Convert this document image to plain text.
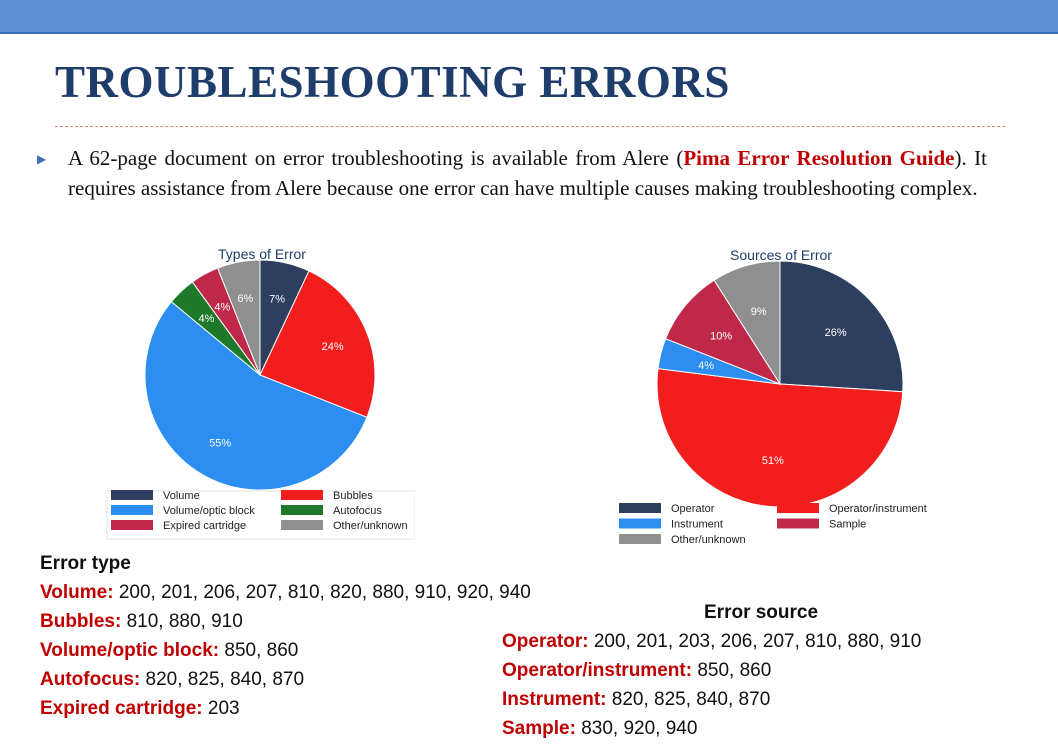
TROUBLESHOOTING ERRORS
▶ A 62-page document on error troubleshooting is available from Alere (Pima Error Resolution Guide). It requires assistance from Alere because one error can have multiple causes making troubleshooting complex.
Types of Error
7%
24%
55%
4%
4%
6%
Volume	Bubbles
Volume/optic block	Autofocus
Expired cartridge	Other/unknown
Sources of Error
26%
51%
4%
10%
9%
Operator	Operator/instrument
Instrument	Sample
Other/unknown
Error type
Volume: 200, 201, 206, 207, 810, 820, 880, 910, 920, 940
Bubbles: 810, 880, 910
Volume/optic block: 850, 860
Autofocus: 820, 825, 840, 870
Expired cartridge: 203
Error source
Operator: 200, 201, 203, 206, 207, 810, 880, 910
Operator/instrument: 850, 860
Instrument: 820, 825, 840, 870
Sample: 830, 920, 940
